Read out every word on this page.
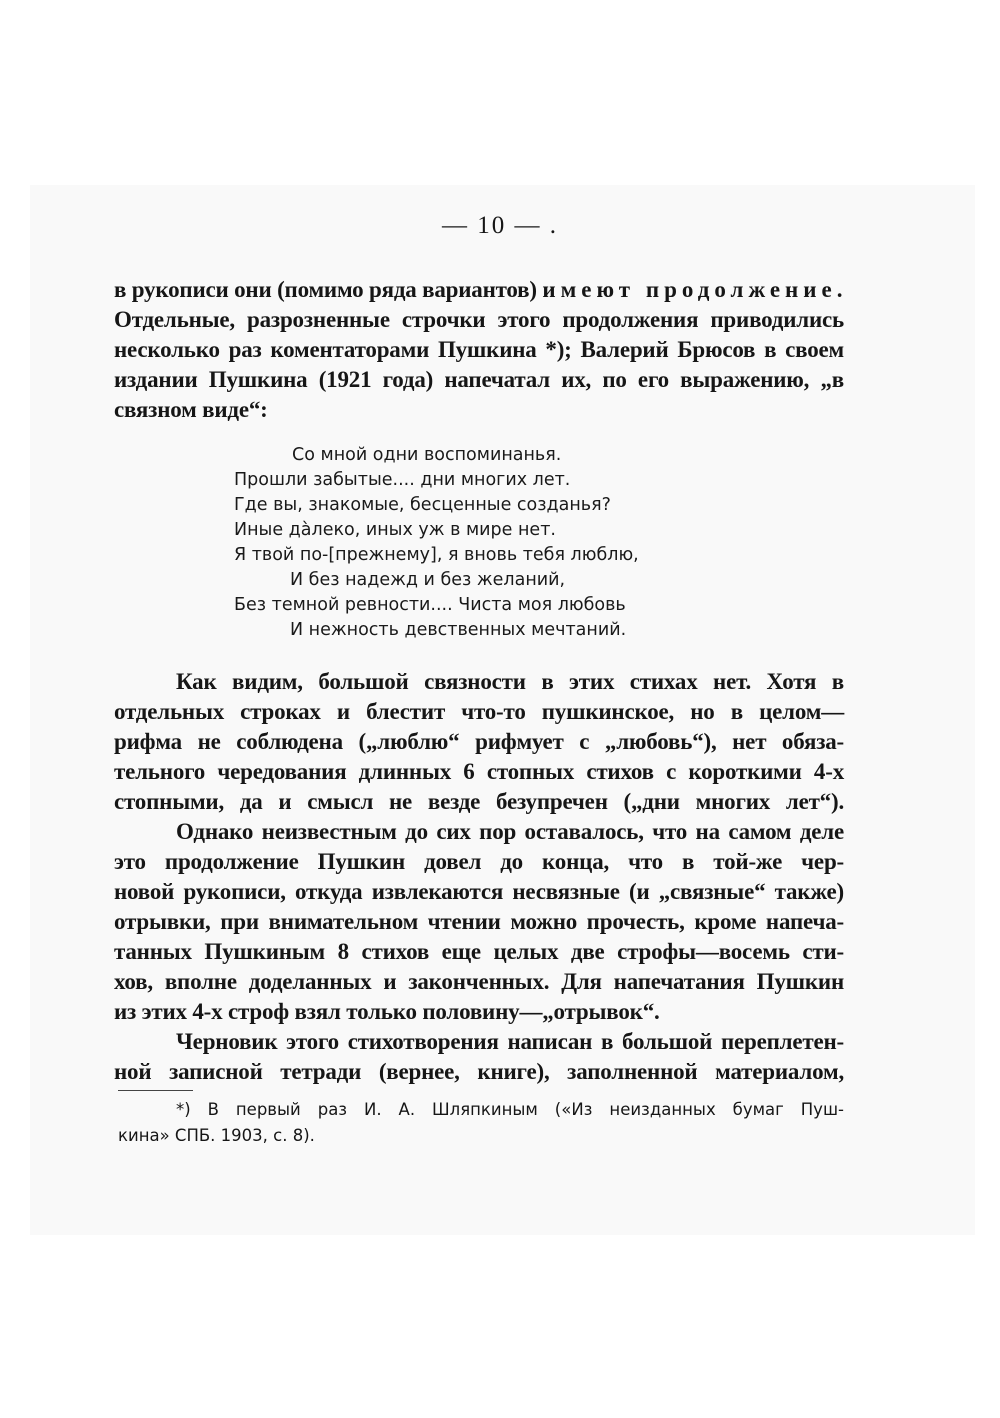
— 10 — .
в рукописи они (помимо ряда вариантов) имеют продолжение.
Отдельные, разрозненные строчки этого продолжения приводились
несколько раз коментаторами Пушкина *); Валерий Брюсов в своем
издании Пушкина (1921 года) напечатал их, по его выражению, „в
связном виде“:
Со мной одни воспоминанья.
Прошли забытые.... дни многих лет.
Где вы, знакомые, бесценные созданья?
Иные да̀леко, иных уж в мире нет.
Я твой по-[прежнему], я вновь тебя люблю,
И без надежд и без желаний,
Без темной ревности.... Чиста моя любовь
И нежность девственных мечтаний.
Как видим, большой связности в этих стихах нет. Хотя в
отдельных строках и блестит что-то пушкинское, но в целом—
рифма не соблюдена („люблю“ рифмует с „любовь“), нет обяза-
тельного чередования длинных 6 стопных стихов с короткими 4-х
стопными, да и смысл не везде безупречен („дни многих лет“).
Однако неизвестным до сих пор оставалось, что на самом деле
это продолжение Пушкин довел до конца, что в той-же чер-
новой рукописи, откуда извлекаются несвязные (и „связные“ также)
отрывки, при внимательном чтении можно прочесть, кроме напеча-
танных Пушкиным 8 стихов еще целых две строфы—восемь сти-
хов, вполне доделанных и законченных. Для напечатания Пушкин
из этих 4-х строф взял только половину—„отрывок“.
Черновик этого стихотворения написан в большой переплетен-
ной записной тетради (вернее, книге), заполненной материалом,
*) В первый раз И. А. Шляпкиным («Из неизданных бумаг Пуш-
кина» СПБ. 1903, с. 8).
